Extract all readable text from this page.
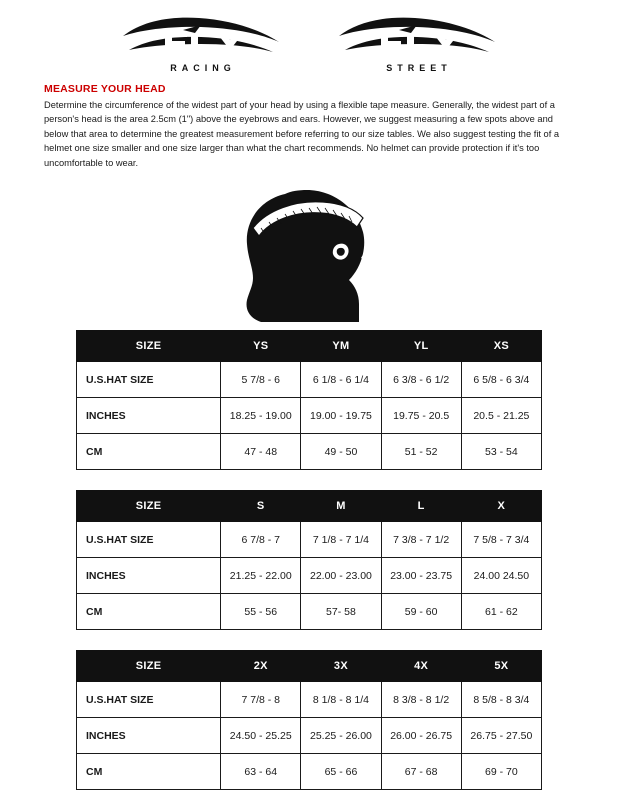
RACING	STREET
MEASURE YOUR HEAD
Determine the circumference of the widest part of your head by using a flexible tape measure. Generally, the widest part of a person's head is the area 2.5cm (1") above the eyebrows and ears. However, we suggest measuring a few spots above and below that area to determine the greatest measurement before referring to our size tables. We also suggest testing the fit of a helmet one size smaller and one size larger than what the chart recommends. No helmet can provide protection if it's too uncomfortable to wear.
SIZE	YS	YM	YL	XS
U.S.HAT SIZE	5 7/8 - 6	6 1/8 - 6 1/4	6 3/8 - 6 1/2	6 5/8 - 6 3/4
INCHES	18.25 - 19.00	19.00 - 19.75	19.75 - 20.5	20.5 - 21.25
CM	47 - 48	49 - 50	51 - 52	53 - 54
SIZE	S	M	L	X
U.S.HAT SIZE	6 7/8 - 7	7 1/8 - 7 1/4	7 3/8 - 7 1/2	7 5/8 - 7 3/4
INCHES	21.25 - 22.00	22.00 - 23.00	23.00 - 23.75	24.00 24.50
CM	55 - 56	57- 58	59 - 60	61 - 62
SIZE	2X	3X	4X	5X
U.S.HAT SIZE	7 7/8 - 8	8 1/8 - 8 1/4	8 3/8 - 8 1/2	8 5/8 - 8 3/4
INCHES	24.50 - 25.25	25.25 - 26.00	26.00 - 26.75	26.75 - 27.50
CM	63 - 64	65 - 66	67 - 68	69 - 70
